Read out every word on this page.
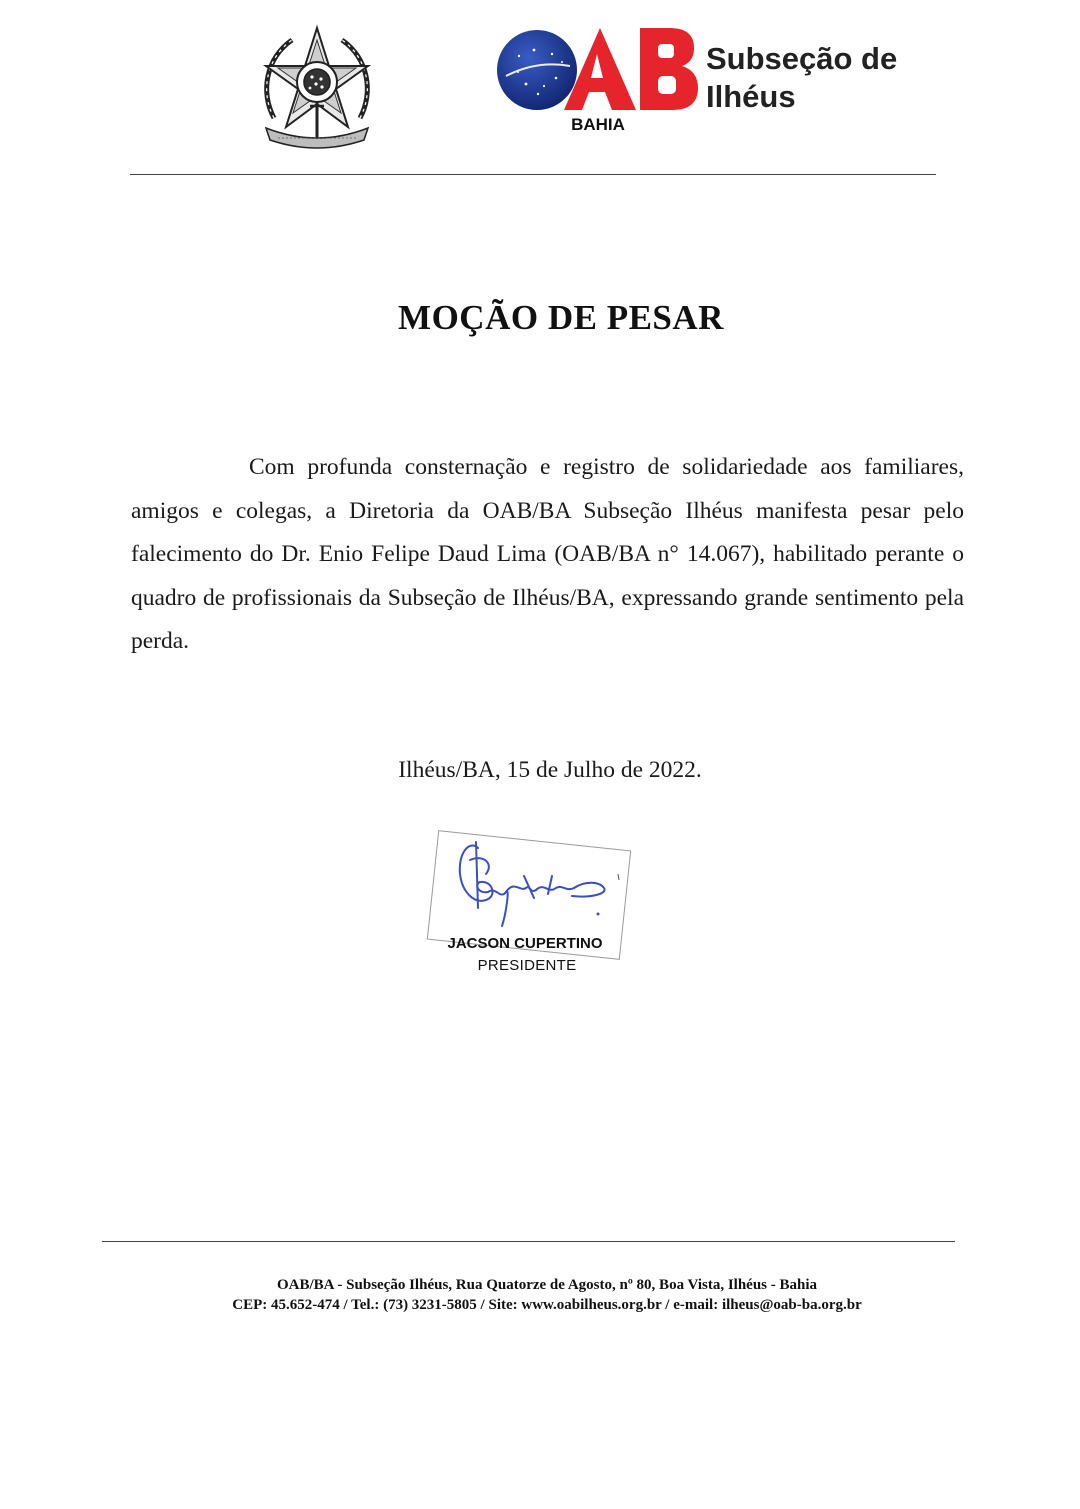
BAHIA
Subseção de
Ilhéus
MOÇÃO DE PESAR

Com profunda consternação e registro de solidariedade aos familiares, amigos e colegas, a Diretoria da OAB/BA Subseção Ilhéus manifesta pesar pelo falecimento do Dr. Enio Felipe Daud Lima (OAB/BA n° 14.067), habilitado perante o quadro de profissionais da Subseção de Ilhéus/BA, expressando grande sentimento pela perda.

Ilhéus/BA, 15 de Julho de 2022.
JACSON CUPERTINO
PRESIDENTE
OAB/BA - Subseção Ilhéus, Rua Quatorze de Agosto, nº 80, Boa Vista, Ilhéus - Bahia
CEP: 45.652-474 / Tel.: (73) 3231-5805 / Site: www.oabilheus.org.br / e-mail: ilheus@oab-ba.org.br
